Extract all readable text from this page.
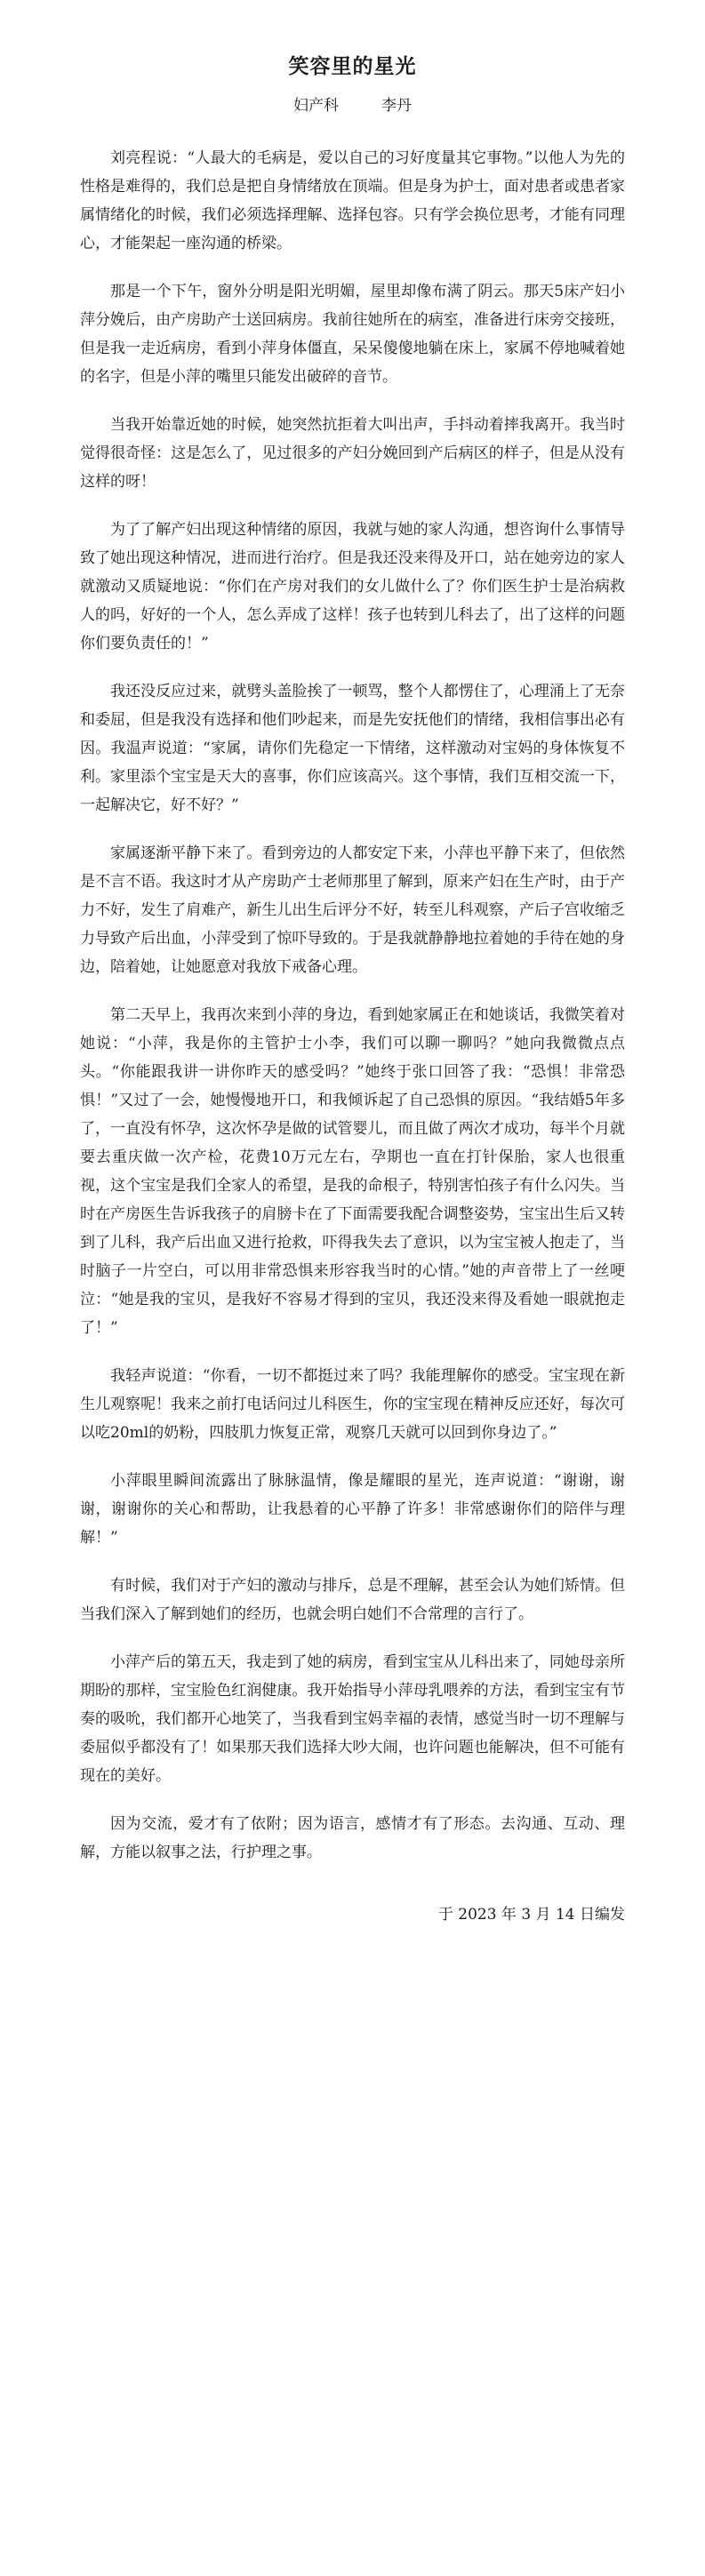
笑容里的星光
妇产科	李丹

刘亮程说：“人最大的毛病是，爱以自己的习好度量其它事物。”以他人为先的性格是难得的，我们总是把自身情绪放在顶端。但是身为护士，面对患者或患者家属情绪化的时候，我们必须选择理解、选择包容。只有学会换位思考，才能有同理心，才能架起一座沟通的桥梁。

那是一个下午，窗外分明是阳光明媚，屋里却像布满了阴云。那天5床产妇小萍分娩后，由产房助产士送回病房。我前往她所在的病室，准备进行床旁交接班，但是我一走近病房，看到小萍身体僵直，呆呆傻傻地躺在床上，家属不停地喊着她的名字，但是小萍的嘴里只能发出破碎的音节。

当我开始靠近她的时候，她突然抗拒着大叫出声，手抖动着摔我离开。我当时觉得很奇怪：这是怎么了，见过很多的产妇分娩回到产后病区的样子，但是从没有这样的呀！

为了了解产妇出现这种情绪的原因，我就与她的家人沟通，想咨询什么事情导致了她出现这种情况，进而进行治疗。但是我还没来得及开口，站在她旁边的家人就激动又质疑地说：“你们在产房对我们的女儿做什么了？你们医生护士是治病救人的吗，好好的一个人，怎么弄成了这样！孩子也转到儿科去了，出了这样的问题你们要负责任的！”

我还没反应过来，就劈头盖脸挨了一顿骂，整个人都愣住了，心理涌上了无奈和委屈，但是我没有选择和他们吵起来，而是先安抚他们的情绪，我相信事出必有因。我温声说道：“家属，请你们先稳定一下情绪，这样激动对宝妈的身体恢复不利。家里添个宝宝是天大的喜事，你们应该高兴。这个事情，我们互相交流一下，一起解决它，好不好？”

家属逐渐平静下来了。看到旁边的人都安定下来，小萍也平静下来了，但依然是不言不语。我这时才从产房助产士老师那里了解到，原来产妇在生产时，由于产力不好，发生了肩难产，新生儿出生后评分不好，转至儿科观察，产后子宫收缩乏力导致产后出血，小萍受到了惊吓导致的。于是我就静静地拉着她的手待在她的身边，陪着她，让她愿意对我放下戒备心理。

第二天早上，我再次来到小萍的身边，看到她家属正在和她谈话，我微笑着对她说：“小萍，我是你的主管护士小李，我们可以聊一聊吗？”她向我微微点点头。“你能跟我讲一讲你昨天的感受吗？”她终于张口回答了我：“恐惧！非常恐惧！”又过了一会，她慢慢地开口，和我倾诉起了自己恐惧的原因。“我结婚5年多了，一直没有怀孕，这次怀孕是做的试管婴儿，而且做了两次才成功，每半个月就要去重庆做一次产检，花费10万元左右，孕期也一直在打针保胎，家人也很重视，这个宝宝是我们全家人的希望，是我的命根子，特别害怕孩子有什么闪失。当时在产房医生告诉我孩子的肩膀卡在了下面需要我配合调整姿势，宝宝出生后又转到了儿科，我产后出血又进行抢救，吓得我失去了意识，以为宝宝被人抱走了，当时脑子一片空白，可以用非常恐惧来形容我当时的心情。”她的声音带上了一丝哽泣：“她是我的宝贝，是我好不容易才得到的宝贝，我还没来得及看她一眼就抱走了！”

我轻声说道：“你看，一切不都挺过来了吗？我能理解你的感受。宝宝现在新生儿观察呢！我来之前打电话问过儿科医生，你的宝宝现在精神反应还好，每次可以吃20ml的奶粉，四肢肌力恢复正常，观察几天就可以回到你身边了。”

小萍眼里瞬间流露出了脉脉温情，像是耀眼的星光，连声说道：“谢谢，谢谢，谢谢你的关心和帮助，让我悬着的心平静了许多！非常感谢你们的陪伴与理解！”

有时候，我们对于产妇的激动与排斥，总是不理解，甚至会认为她们矫情。但当我们深入了解到她们的经历，也就会明白她们不合常理的言行了。

小萍产后的第五天，我走到了她的病房，看到宝宝从儿科出来了，同她母亲所期盼的那样，宝宝脸色红润健康。我开始指导小萍母乳喂养的方法，看到宝宝有节奏的吸吮，我们都开心地笑了，当我看到宝妈幸福的表情，感觉当时一切不理解与委屈似乎都没有了！如果那天我们选择大吵大闹，也许问题也能解决，但不可能有现在的美好。

因为交流，爱才有了依附；因为语言，感情才有了形态。去沟通、互动、理解，方能以叙事之法，行护理之事。

于 2023 年 3 月 14 日编发
